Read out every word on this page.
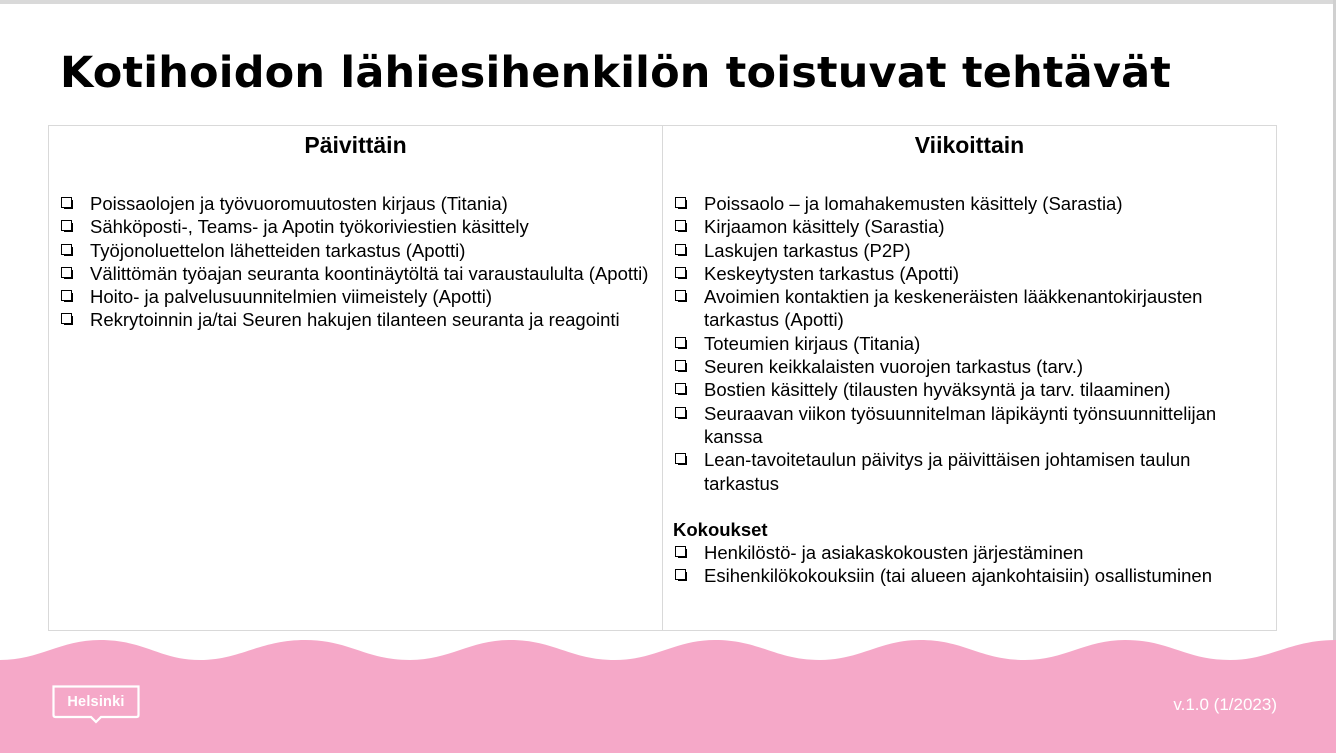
Kotihoidon lähiesihenkilön toistuvat tehtävät
Päivittäin
Poissaolojen ja työvuoromuutosten kirjaus (Titania)
Sähköposti-, Teams- ja Apotin työkoriviestien käsittely
Työjonoluettelon lähetteiden tarkastus (Apotti)
Välittömän työajan seuranta koontinäytöltä tai varaustaululta (Apotti)
Hoito- ja palvelusuunnitelmien viimeistely (Apotti)
Rekrytoinnin ja/tai Seuren hakujen tilanteen seuranta ja reagointi
Viikoittain
Poissaolo – ja lomahakemusten käsittely (Sarastia)
Kirjaamon käsittely (Sarastia)
Laskujen tarkastus (P2P)
Keskeytysten tarkastus (Apotti)
Avoimien kontaktien ja keskeneräisten lääkkenantokirjausten tarkastus (Apotti)
Toteumien kirjaus (Titania)
Seuren keikkalaisten vuorojen tarkastus (tarv.)
Bostien käsittely (tilausten hyväksyntä ja tarv. tilaaminen)
Seuraavan viikon työsuunnitelman läpikäynti työnsuunnittelijan kanssa
Lean-tavoitetaulun päivitys ja päivittäisen johtamisen taulun tarkastus
Kokoukset
Henkilöstö- ja asiakaskokousten järjestäminen
Esihenkilökokouksiin (tai alueen ajankohtaisiin) osallistuminen
Helsinki	v.1.0 (1/2023)
